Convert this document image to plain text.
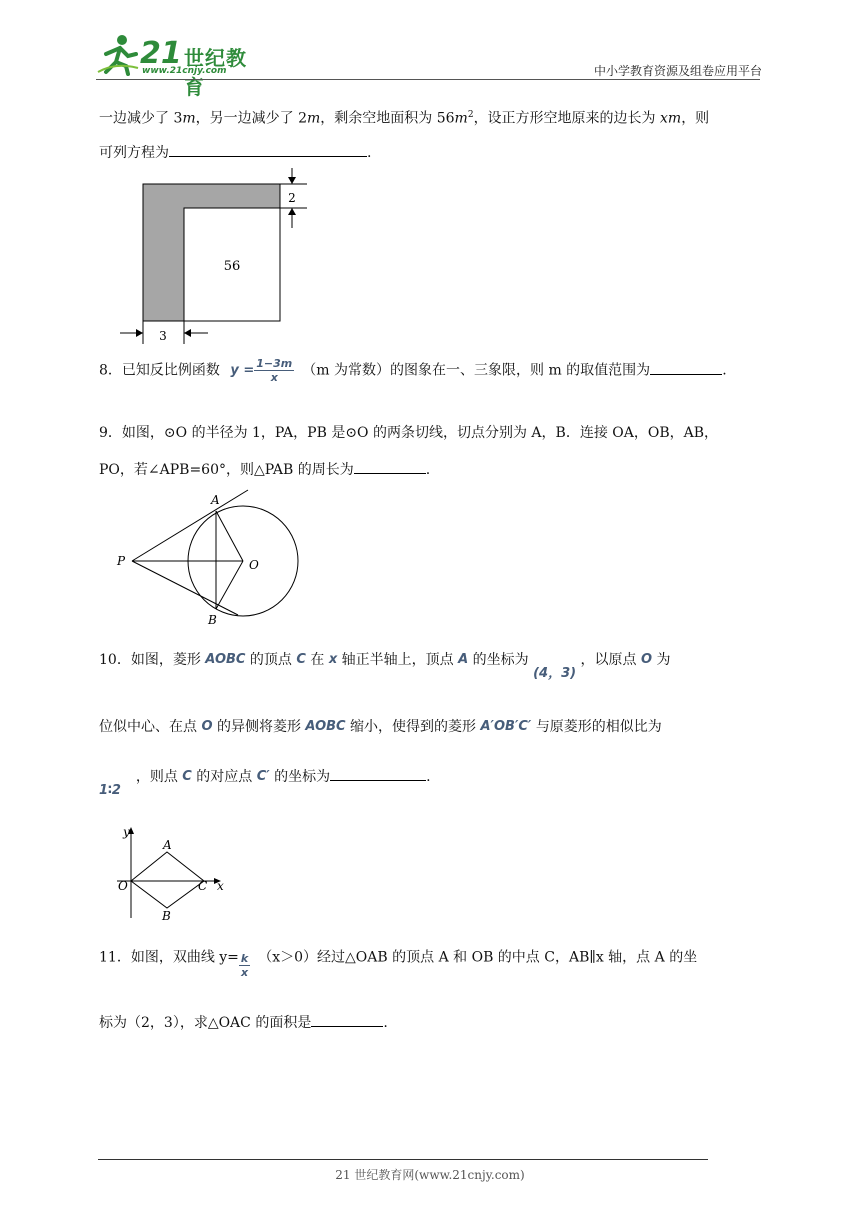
21 世纪教育
www.21cnjy.com	中小学教育资源及组卷应用平台
一边减少了 3m，另一边减少了 2m，剩余空地面积为 $56m^2$，设正方形空地原来的边长为 xm，则
可列方程为	.
56
2
3
8．已知反比例函数 $y = \frac{1-3m}{x} (m$ 为常数）的图象在一、三象限，则 m 的取值范围为	.
9．如图，⊙O 的半径为 1，PA，PB 是⊙O 的两条切线，切点分别为 A，B．连接 OA，OB，AB，
PO，若∠APB=60°，则△PAB 的周长为	.
A
B
P	O
10．如图，菱形 AOBC 的顶点 C 在 x 轴正半轴上，顶点 A 的坐标为 (4，3) ，以原点 O 为
位似中心、在点 O 的异侧将菱形 AOBC 缩小，使得到的菱形 A′OB′C′ 与原菱形的相似比为
1∶2  ，则点 C 的对应点 C′ 的坐标为	.
y
A
O	C x
B
11．如图，双曲线 $y= \frac{k}{x} (x>0)$经过△OAB 的顶点 A 和 OB 的中点 C，AB∥x 轴，点 A 的坐
标为（2，3），求△OAC 的面积是	.
21 世纪教育网(www.21cnjy.com)
